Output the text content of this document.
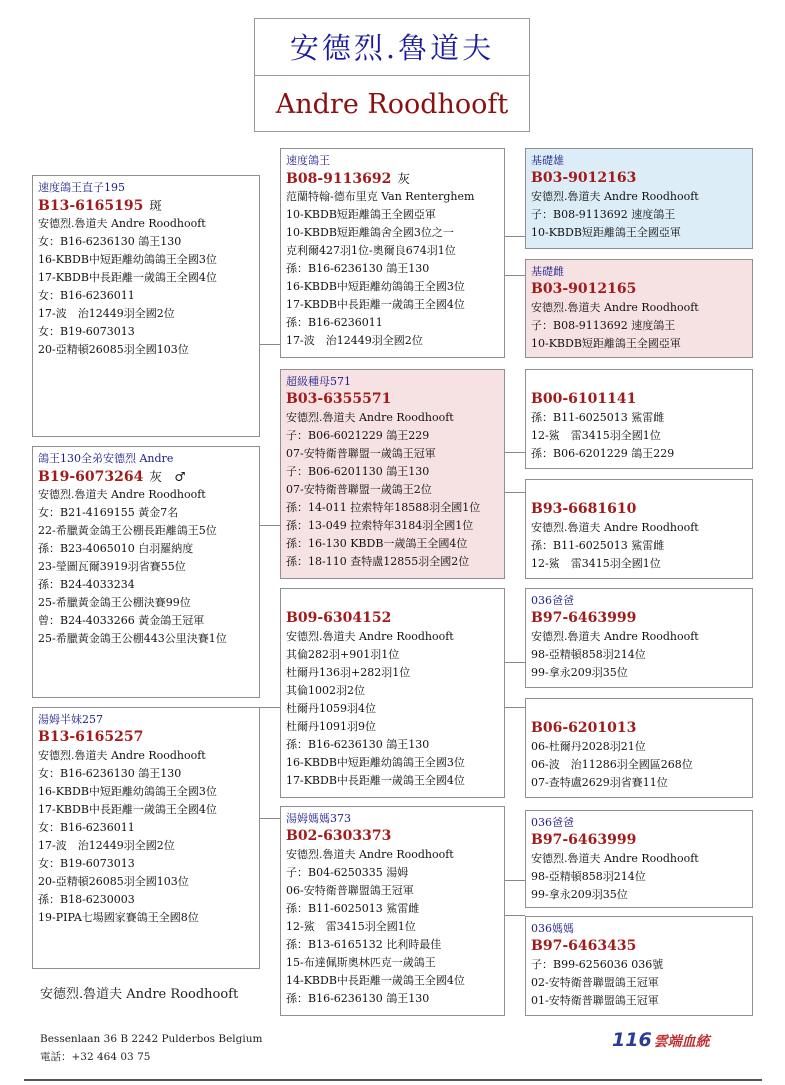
安德烈.魯道夫
Andre Roodhooft
速度鴿王直子195
B13-6165195 斑
安德烈.魯道夫 Andre Roodhooft
女：B16-6236130 鴿王130
16-KBDB中短距離幼鴿鴿王全國3位
17-KBDB中長距離一歲鴿王全國4位
女：B16-6236011
17-波　治12449羽全國2位
女：B19-6073013
20-亞精頓26085羽全國103位
鴿王130全弟安德烈 Andre
B19-6073264 灰　♂
安德烈.魯道夫 Andre Roodhooft
女：B21-4169155 黃金7名
22-希臘黃金鴿王公棚長距離鴿王5位
孫：B23-4065010 白羽羅納度
23-瑩圖瓦爾3919羽省賽55位
孫：B24-4033234
25-希臘黃金鴿王公棚決賽99位
曾：B24-4033266 黃金鴿王冠軍
25-希臘黃金鴿王公棚443公里決賽1位
湯姆半妹257
B13-6165257
安德烈.魯道夫 Andre Roodhooft
女：B16-6236130 鴿王130
16-KBDB中短距離幼鴿鴿王全國3位
17-KBDB中長距離一歲鴿王全國4位
女：B16-6236011
17-波　治12449羽全國2位
女：B19-6073013
20-亞精頓26085羽全國103位
孫：B18-6230003
19-PIPA七場國家賽鴿王全國8位
速度鴿王
B08-9113692 灰
范蘭特翰-德布里克 Van Renterghem
10-KBDB短距離鴿王全國亞軍
10-KBDB短距離鴿舍全國3位之一
克利爾427羽1位-奧爾良674羽1位
孫：B16-6236130 鴿王130
16-KBDB中短距離幼鴿鴿王全國3位
17-KBDB中長距離一歲鴿王全國4位
孫：B16-6236011
17-波　治12449羽全國2位
超級種母571
B03-6355571
安德烈.魯道夫 Andre Roodhooft
子：B06-6021229 鴿王229
07-安特衛普聯盟一歲鴿王冠軍
子：B06-6201130 鴿王130
07-安特衛普聯盟一歲鴿王2位
孫：14-011 拉索特年18588羽全國1位
孫：13-049 拉索特年3184羽全國1位
孫：16-130 KBDB一歲鴿王全國4位
孫：18-110 查特盧12855羽全國2位
B09-6304152
安德烈.魯道夫 Andre Roodhooft
其倫282羽+901羽1位
杜爾丹136羽+282羽1位
其倫1002羽2位
杜爾丹1059羽4位
杜爾丹1091羽9位
孫：B16-6236130 鴿王130
16-KBDB中短距離幼鴿鴿王全國3位
17-KBDB中長距離一歲鴿王全國4位
湯姆媽媽373
B02-6303373
安德烈.魯道夫 Andre Roodhooft
子：B04-6250335 湯姆
06-安特衛普聯盟鴿王冠軍
孫：B11-6025013 鯊雷雌
12-鯊　雷3415羽全國1位
孫：B13-6165132 比利時最佳
15-布達佩斯奧林匹克一歲鴿王
14-KBDB中長距離一歲鴿王全國4位
孫：B16-6236130 鴿王130
基礎雄
B03-9012163
安德烈.魯道夫 Andre Roodhooft
子：B08-9113692 速度鴿王
10-KBDB短距離鴿王全國亞軍
基礎雌
B03-9012165
安德烈.魯道夫 Andre Roodhooft
子：B08-9113692 速度鴿王
10-KBDB短距離鴿王全國亞軍
B00-6101141
孫：B11-6025013 鯊雷雌
12-鯊　雷3415羽全國1位
孫：B06-6201229 鴿王229
B93-6681610
安德烈.魯道夫 Andre Roodhooft
孫：B11-6025013 鯊雷雌
12-鯊　雷3415羽全國1位
036爸爸
B97-6463999
安德烈.魯道夫 Andre Roodhooft
98-亞精頓858羽214位
99-拿永209羽35位
B06-6201013
06-杜爾丹2028羽21位
06-波　治11286羽全國區268位
07-查特盧2629羽省賽11位
036爸爸
B97-6463999
安德烈.魯道夫 Andre Roodhooft
98-亞精頓858羽214位
99-拿永209羽35位
036媽媽
B97-6463435
子：B99-6256036 036號
02-安特衛普聯盟鴿王冠軍
01-安特衛普聯盟鴿王冠軍
安德烈.魯道夫 Andre Roodhooft
Bessenlaan 36 B 2242 Pulderbos Belgium
電話：+32 464 03 75
116 雲端血統
